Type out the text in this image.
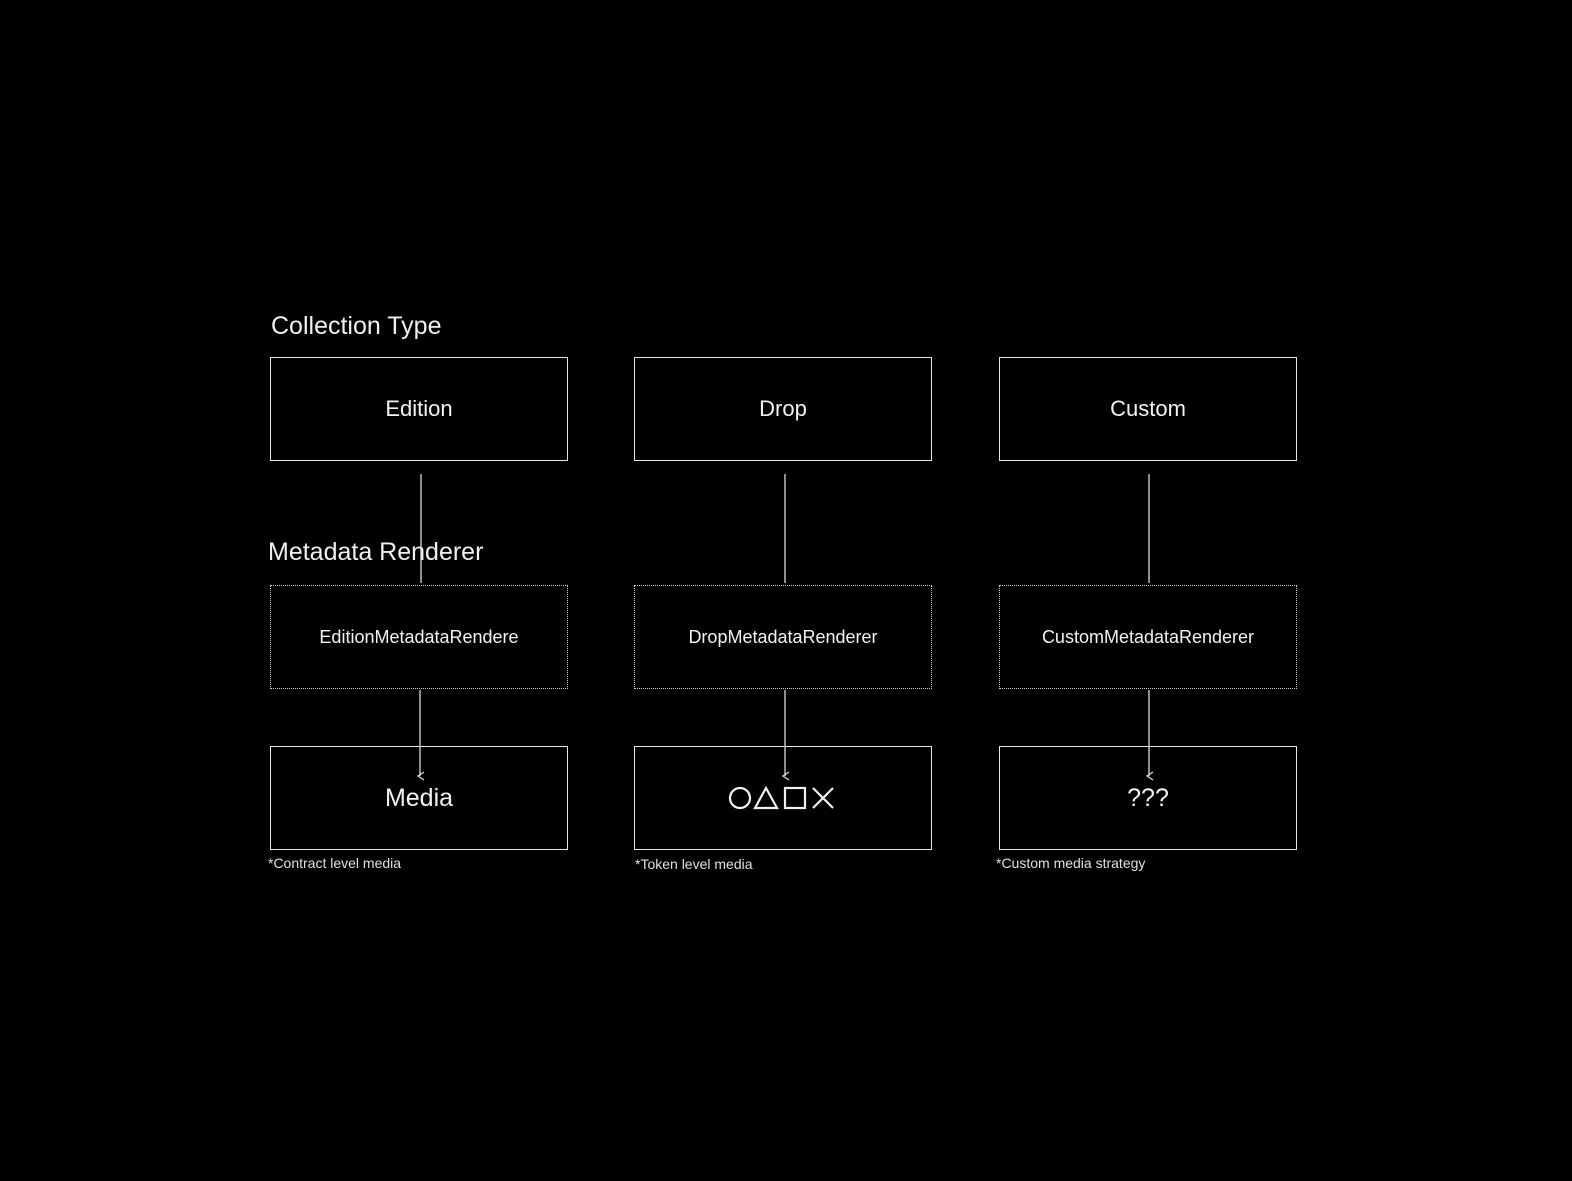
Collection Type
Metadata Renderer
Edition	Drop	Custom
EditionMetadataRendere	DropMetadataRenderer	CustomMetadataRenderer
Media	???
*Contract level media	*Token level media	*Custom media strategy
